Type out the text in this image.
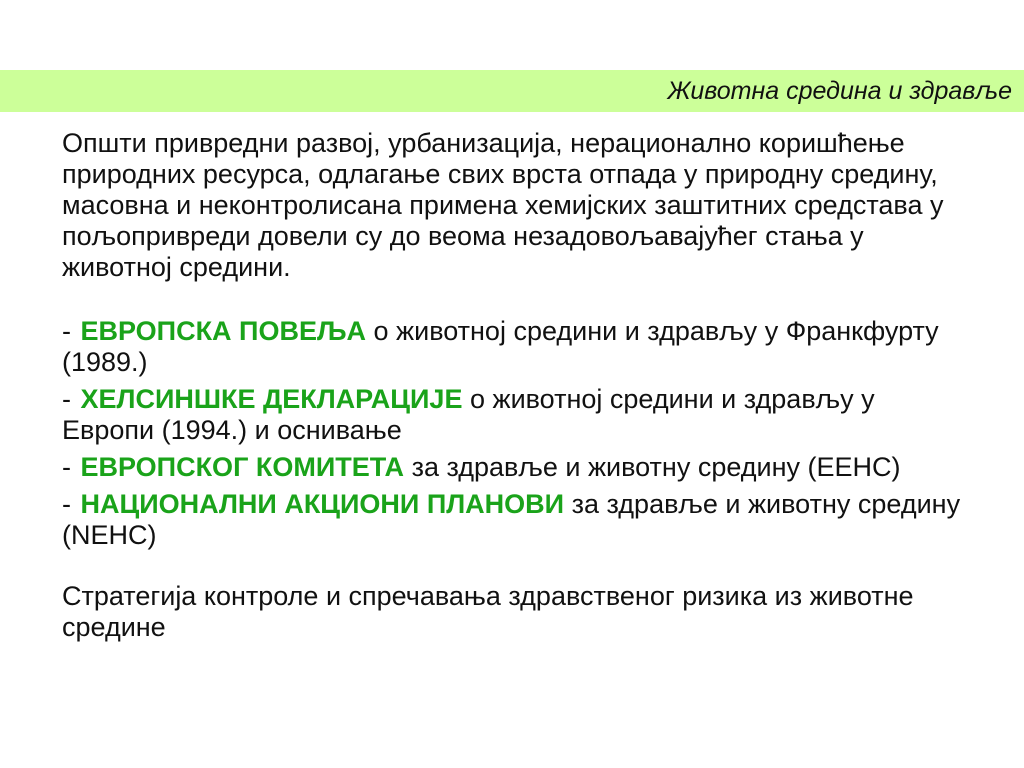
Животна средина и здравље

Општи привредни развој, урбанизација, нерационално коришћење природних ресурса, одлагање свих врста отпада у природну средину, масовна и неконтролисана примена хемијских заштитних средстава у пољопривреди довели су до веома незадовољавајућег стања у животној средини.

- ЕВРОПСКА ПОВЕЉА о животној средини и здрављу у Франкфурту (1989.)

- ХЕЛСИНШКЕ ДЕКЛАРАЦИЈЕ о животној средини и здрављу у Европи (1994.) и оснивање

- ЕВРОПСКОГ КОМИТЕТА за здравље и животну средину (ЕЕНС)

- НАЦИОНАЛНИ АКЦИОНИ ПЛАНОВИ за здравље и животну средину (NEHC)

Стратегија контроле и спречавања здравственог ризика из животне средине
